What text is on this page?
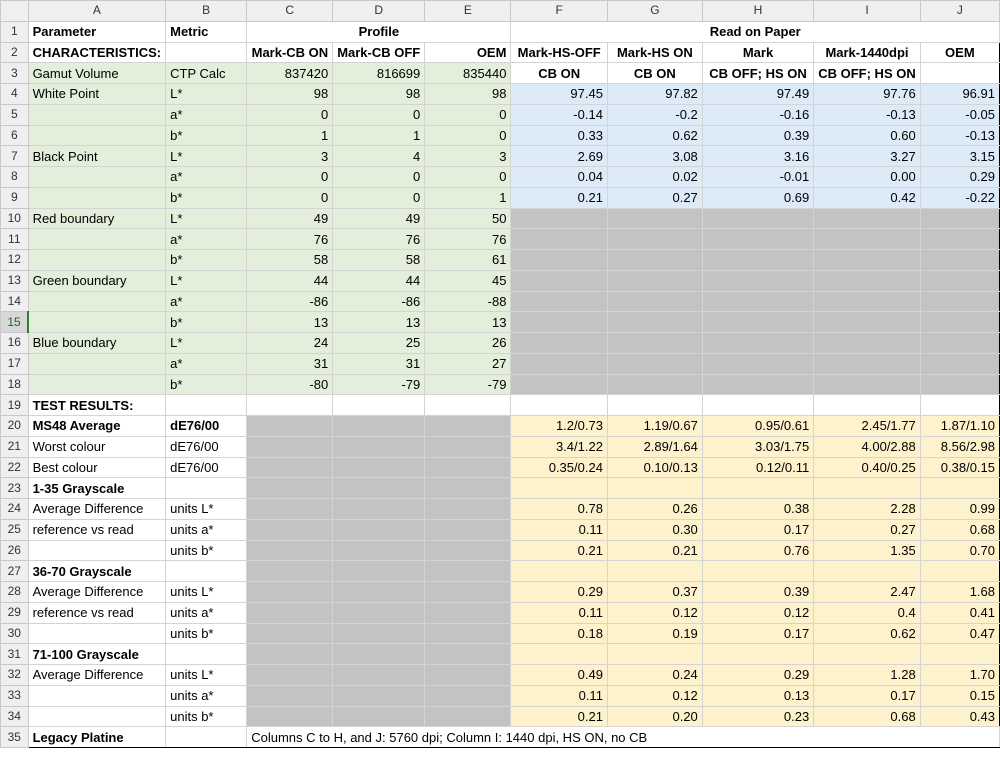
	A	B	C	D	E	F	G	H	I	J
1	Parameter	Metric	Profile			Read on Paper				
2	CHARACTERISTICS:		Mark-CB ON	Mark-CB OFF	OEM	Mark-HS-OFF	Mark-HS ON	Mark	Mark-1440dpi	OEM
3	Gamut Volume	CTP Calc	837420	816699	835440	CB ON	CB ON	CB OFF; HS ON	CB OFF; HS ON	
4	White Point	L*	98	98	98	97.45	97.82	97.49	97.76	96.91
5		a*	0	0	0	-0.14	-0.2	-0.16	-0.13	-0.05
6		b*	1	1	0	0.33	0.62	0.39	0.60	-0.13
7	Black Point	L*	3	4	3	2.69	3.08	3.16	3.27	3.15
8		a*	0	0	0	0.04	0.02	-0.01	0.00	0.29
9		b*	0	0	1	0.21	0.27	0.69	0.42	-0.22
10	Red boundary	L*	49	49	50					
11		a*	76	76	76					
12		b*	58	58	61					
13	Green boundary	L*	44	44	45					
14		a*	-86	-86	-88					
15		b*	13	13	13					
16	Blue boundary	L*	24	25	26					
17		a*	31	31	27					
18		b*	-80	-79	-79					
19	TEST RESULTS:									
20	MS48 Average	dE76/00				1.2/0.73	1.19/0.67	0.95/0.61	2.45/1.77	1.87/1.10
21	Worst colour	dE76/00				3.4/1.22	2.89/1.64	3.03/1.75	4.00/2.88	8.56/2.98
22	Best colour	dE76/00				0.35/0.24	0.10/0.13	0.12/0.11	0.40/0.25	0.38/0.15
23	1-35 Grayscale									
24	Average Difference	units L*				0.78	0.26	0.38	2.28	0.99
25	reference vs read	units a*				0.11	0.30	0.17	0.27	0.68
26		units b*				0.21	0.21	0.76	1.35	0.70
27	36-70 Grayscale									
28	Average Difference	units L*				0.29	0.37	0.39	2.47	1.68
29	reference vs read	units a*				0.11	0.12	0.12	0.4	0.41
30		units b*				0.18	0.19	0.17	0.62	0.47
31	71-100 Grayscale									
32	Average Difference	units L*				0.49	0.24	0.29	1.28	1.70
33		units a*				0.11	0.12	0.13	0.17	0.15
34		units b*				0.21	0.20	0.23	0.68	0.43
35	Legacy Platine		Columns C to H, and J: 5760 dpi; Column I: 1440 dpi, HS ON, no CB							
